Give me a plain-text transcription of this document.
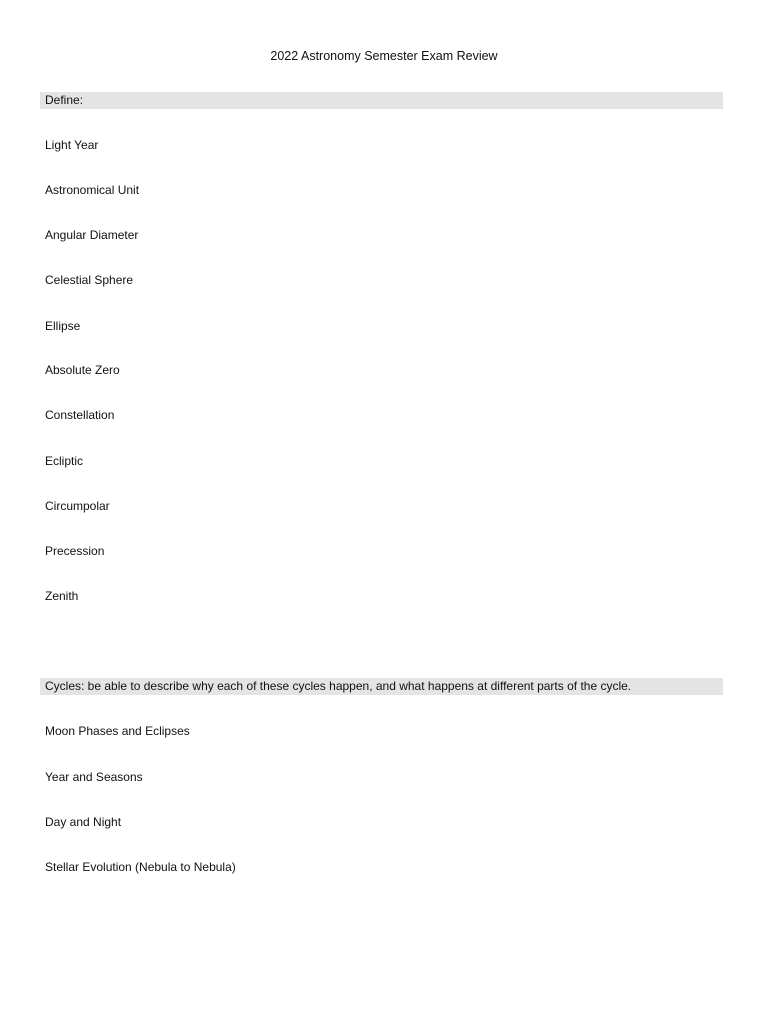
2022 Astronomy Semester Exam Review
Define:
Light Year
Astronomical Unit
Angular Diameter
Celestial Sphere
Ellipse
Absolute Zero
Constellation
Ecliptic
Circumpolar
Precession
Zenith
Cycles: be able to describe why each of these cycles happen, and what happens at different parts of the cycle.
Moon Phases and Eclipses
Year and Seasons
Day and Night
Stellar Evolution (Nebula to Nebula)
